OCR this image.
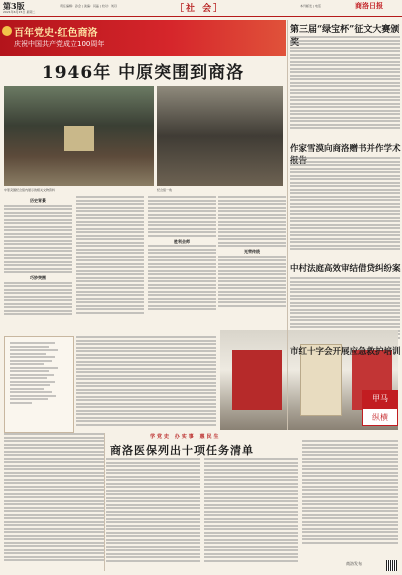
第3版
2021年6月15日 星期二
责任编辑：孙会 | 美编：闫晶 | 校对：刘丹	［社 会］	本刊邮发 | 电话	商洛日报
百年党史·红色商洛
庆祝中国共产党成立100周年
1946年 中原突围到商洛
中原突围纪念馆内展示的相关文物资料	纪念馆一角
历史背景
巧妙突围
胜利会师
光荣传统
第三届“绿宝杯”征文大赛颁
作家雪漠向商洛赠书并作学术
中村法庭高效审结借贷纠纷案
市红十字会开展应急救护培训
甲马
纵横
学党史 办实事 惠民生
商洛医保列出十项任务清单
商洛发布
